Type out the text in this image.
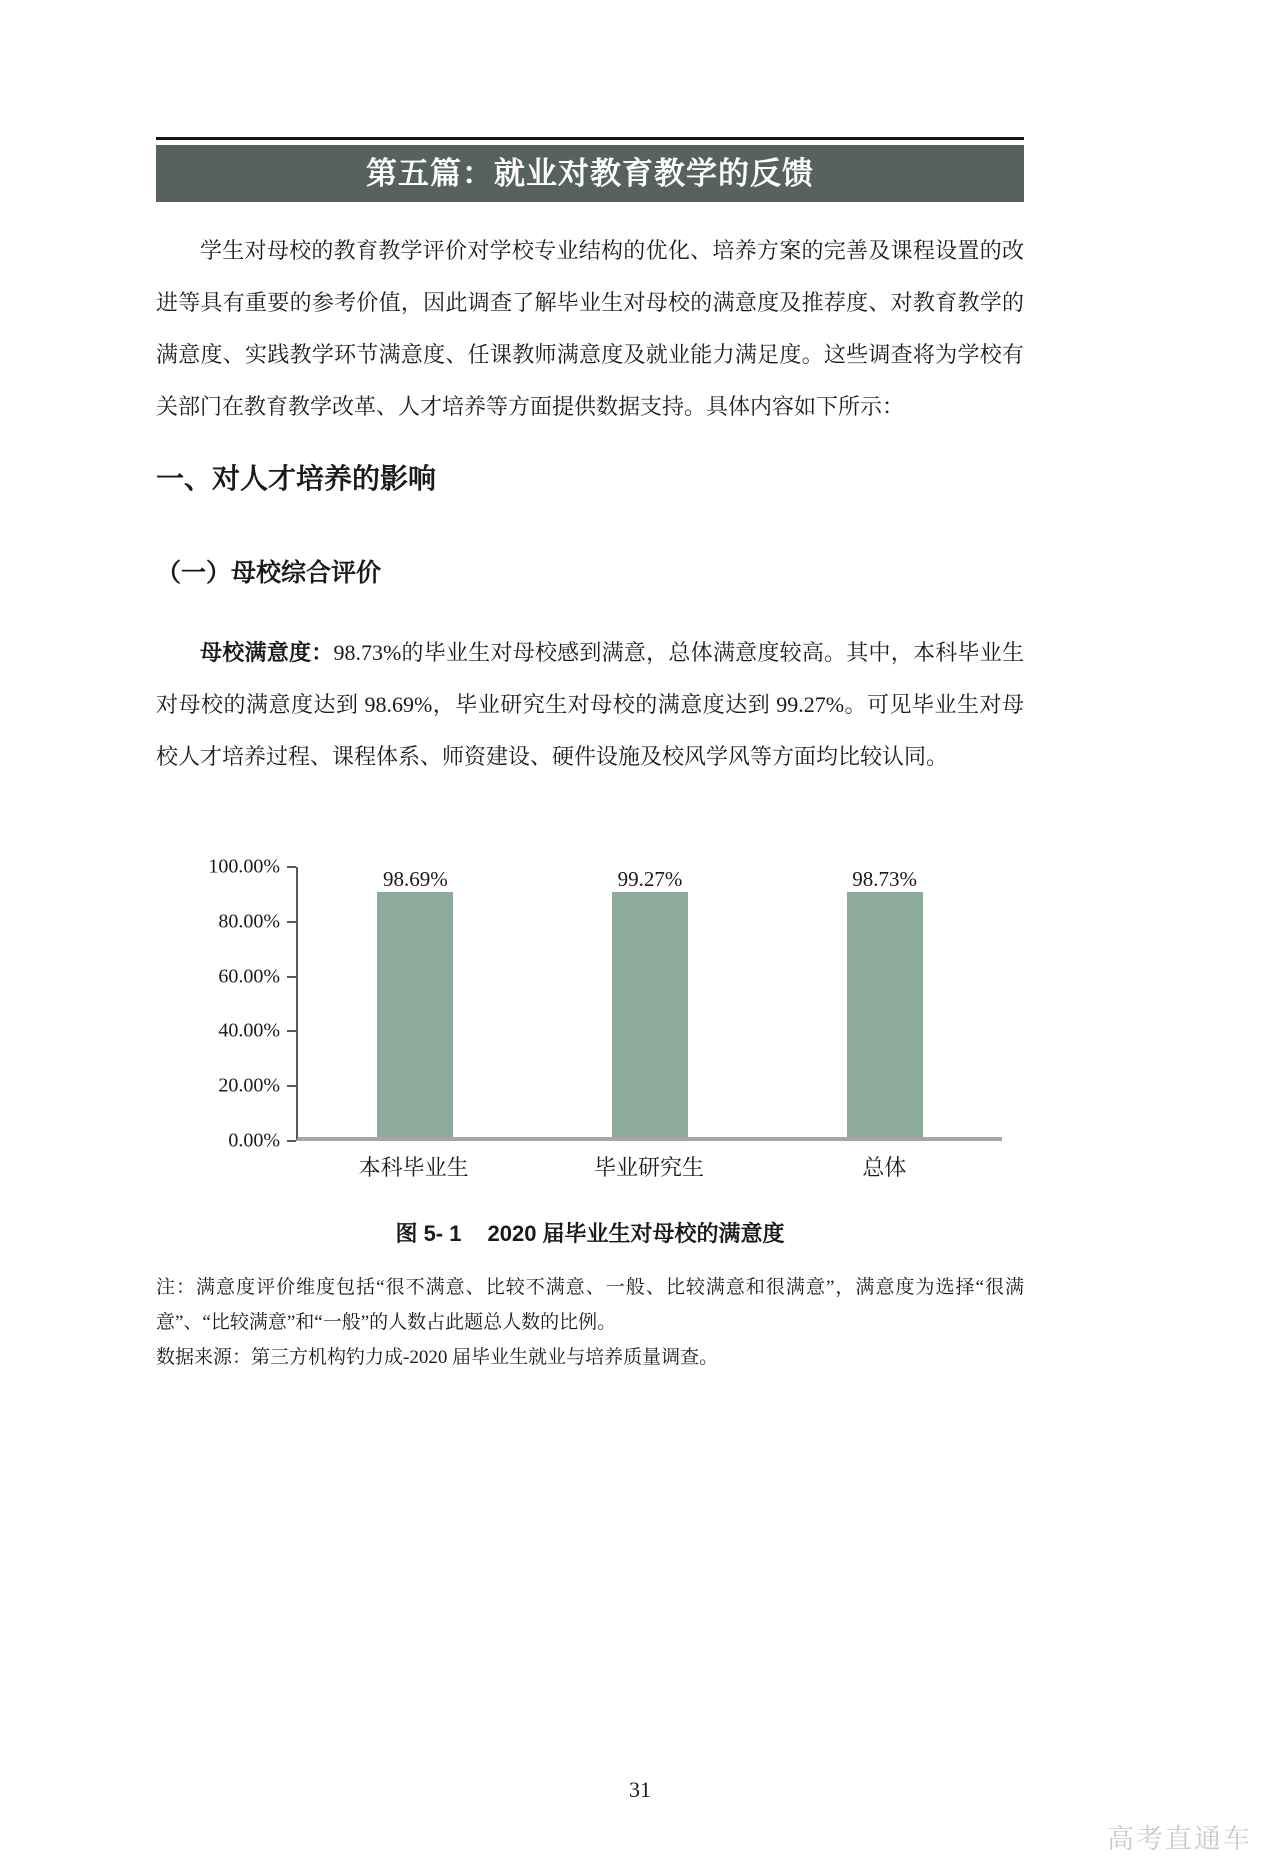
第五篇：就业对教育教学的反馈
学生对母校的教育教学评价对学校专业结构的优化、培养方案的完善及课程设置的改进等具有重要的参考价值，因此调查了解毕业生对母校的满意度及推荐度、对教育教学的满意度、实践教学环节满意度、任课教师满意度及就业能力满足度。这些调查将为学校有关部门在教育教学改革、人才培养等方面提供数据支持。具体内容如下所示：
一、对人才培养的影响
（一）母校综合评价
母校满意度：98.73%的毕业生对母校感到满意，总体满意度较高。其中，本科毕业生对母校的满意度达到 98.69%，毕业研究生对母校的满意度达到 99.27%。可见毕业生对母校人才培养过程、课程体系、师资建设、硬件设施及校风学风等方面均比较认同。
100.00%
80.00%
60.00%
40.00%
20.00%
0.00%
98.69%	99.27%	98.73%
本科毕业生	毕业研究生	总体
图 5- 1 2020 届毕业生对母校的满意度
注：满意度评价维度包括“很不满意、比较不满意、一般、比较满意和很满意”，满意度为选择“很满意”、“比较满意”和“一般”的人数占此题总人数的比例。
数据来源：第三方机构钓力成-2020 届毕业生就业与培养质量调查。
31
高考直通车
